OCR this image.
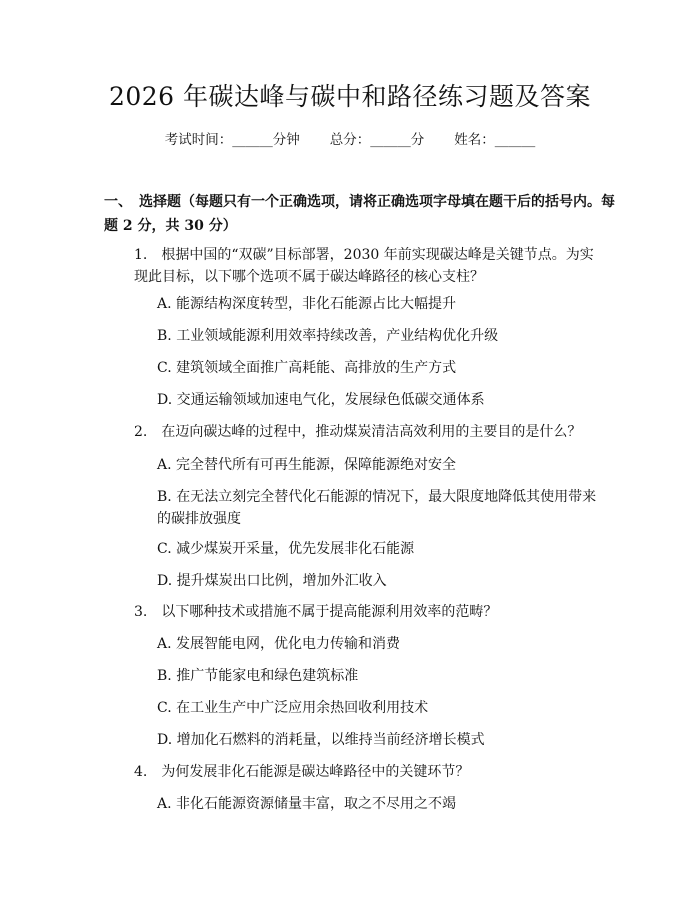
2026 年碳达峰与碳中和路径练习题及答案
考试时间：______分钟 总分：______分 姓名：______
一、　选择题（每题只有一个正确选项，请将正确选项字母填在题干后的括号内。每题 2 分，共 30 分）
1.　根据中国的“双碳”目标部署，2030 年前实现碳达峰是关键节点。为实现此目标，以下哪个选项不属于碳达峰路径的核心支柱？
A. 能源结构深度转型，非化石能源占比大幅提升
B. 工业领域能源利用效率持续改善，产业结构优化升级
C. 建筑领域全面推广高耗能、高排放的生产方式
D. 交通运输领域加速电气化，发展绿色低碳交通体系
2.　在迈向碳达峰的过程中，推动煤炭清洁高效利用的主要目的是什么？
A. 完全替代所有可再生能源，保障能源绝对安全
B. 在无法立刻完全替代化石能源的情况下，最大限度地降低其使用带来的碳排放强度
C. 减少煤炭开采量，优先发展非化石能源
D. 提升煤炭出口比例，增加外汇收入
3.　以下哪种技术或措施不属于提高能源利用效率的范畴？
A. 发展智能电网，优化电力传输和消费
B. 推广节能家电和绿色建筑标准
C. 在工业生产中广泛应用余热回收利用技术
D. 增加化石燃料的消耗量，以维持当前经济增长模式
4.　为何发展非化石能源是碳达峰路径中的关键环节？
A. 非化石能源资源储量丰富，取之不尽用之不竭
